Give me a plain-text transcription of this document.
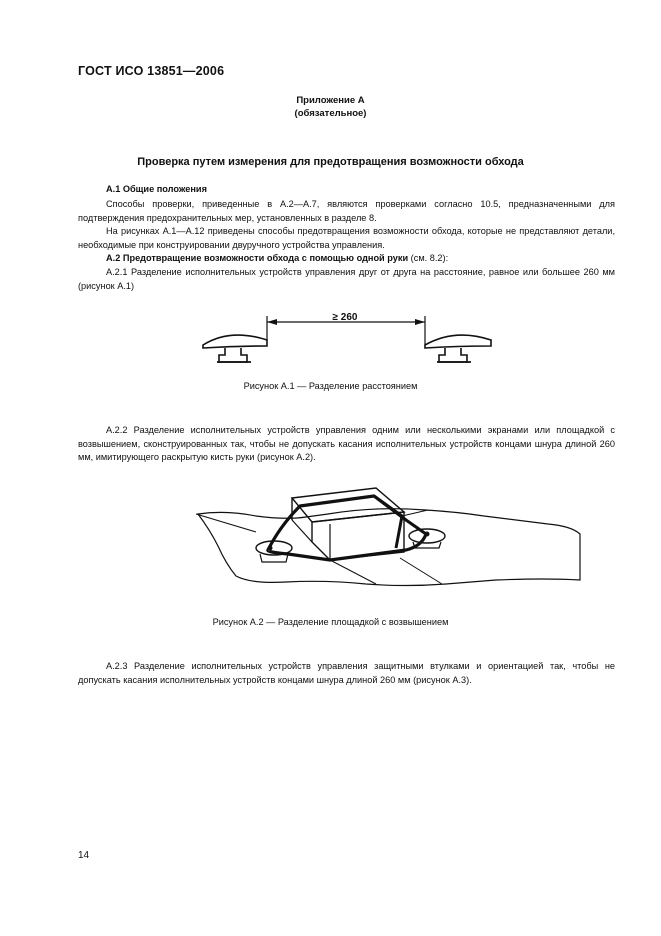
ГОСТ ИСО 13851—2006
Приложение А
(обязательное)
Проверка путем измерения для предотвращения возможности обхода
А.1 Общие положения
Способы проверки, приведенные в А.2—А.7, являются проверками согласно 10.5, предназначенными для подтверждения предохранительных мер, установленных в разделе 8.
На рисунках А.1—А.12 приведены способы предотвращения возможности обхода, которые не представляют детали, необходимые при конструировании двуручного устройства управления.
А.2 Предотвращение возможности обхода с помощью одной руки (см. 8.2):
А.2.1 Разделение исполнительных устройств управления друг от друга на расстояние, равное или большее 260 мм (рисунок А.1)
≥ 260
Рисунок А.1 — Разделение расстоянием
А.2.2 Разделение исполнительных устройств управления одним или несколькими экранами или площадкой с возвышением, сконструированных так, чтобы не допускать касания исполнительных устройств концами шнура длиной 260 мм, имитирующего раскрытую кисть руки (рисунок А.2).
Рисунок А.2 — Разделение площадкой с возвышением
А.2.3 Разделение исполнительных устройств управления защитными втулками и ориентацией так, чтобы не допускать касания исполнительных устройств концами шнура длиной 260 мм (рисунок А.3).
14
